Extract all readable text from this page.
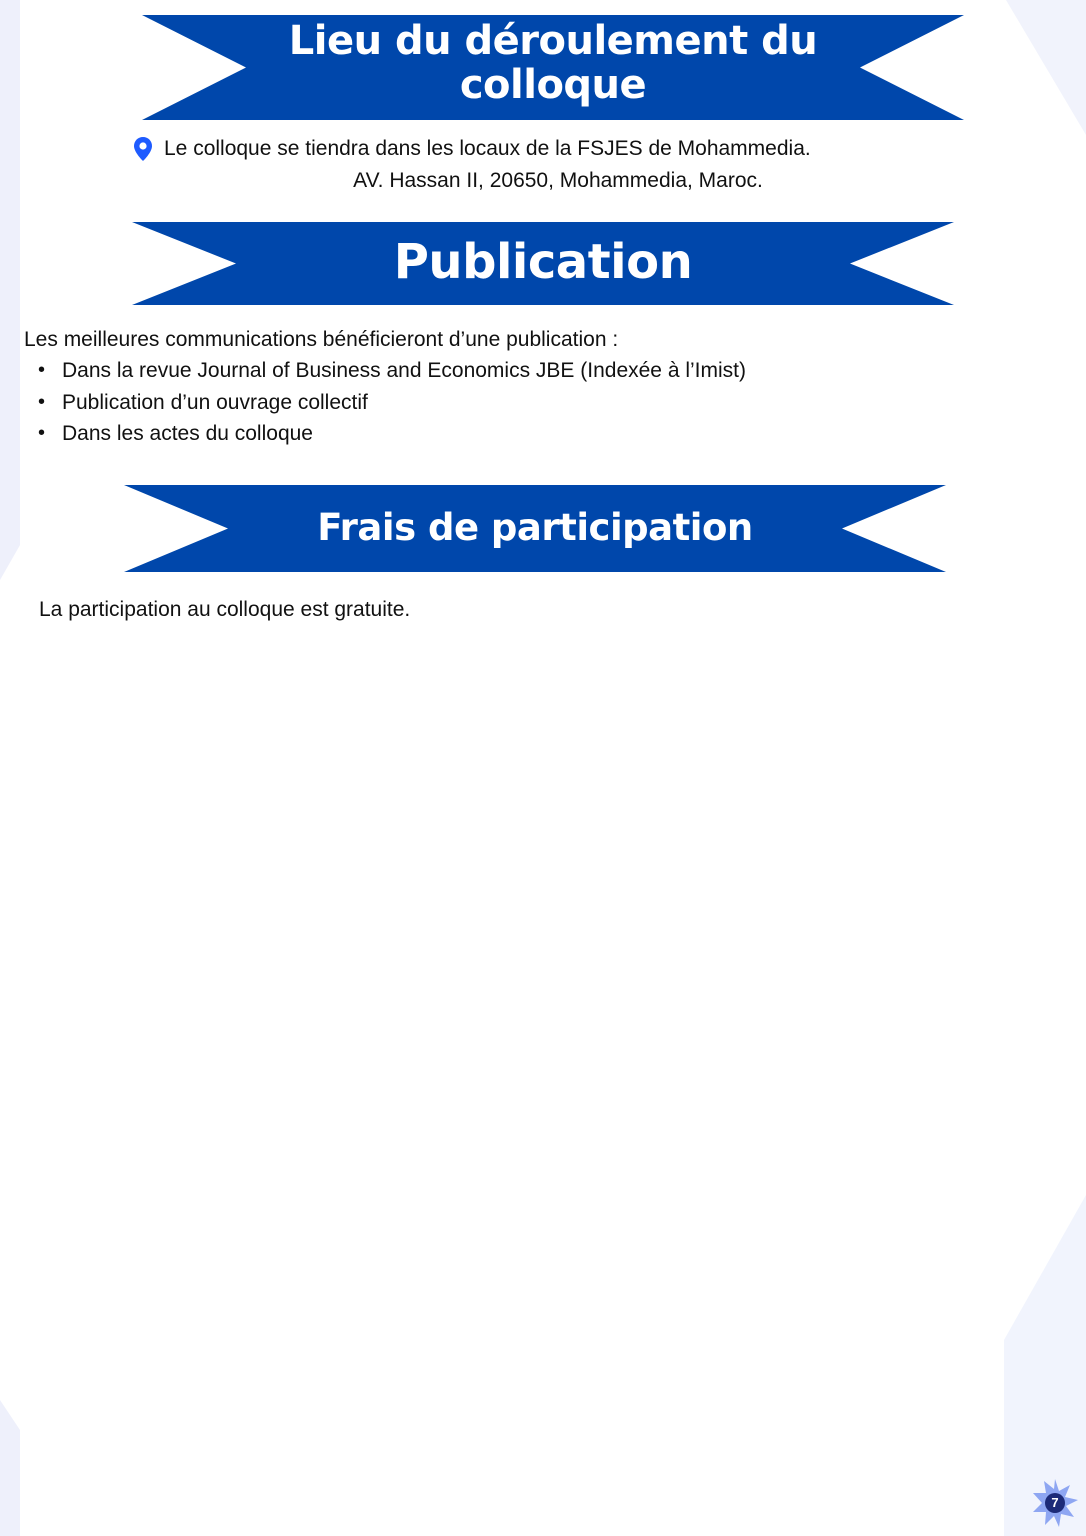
Lieu du déroulement du
colloque
Le colloque se tiendra dans les locaux de la FSJES de Mohammedia.
AV. Hassan II, 20650, Mohammedia, Maroc.
Publication
Les meilleures communications bénéficieront d’une publication :
• Dans la revue Journal of Business and Economics JBE (Indexée à l’Imist)
• Publication d’un ouvrage collectif
• Dans les actes du colloque
Frais de participation
La participation au colloque est gratuite.
7
